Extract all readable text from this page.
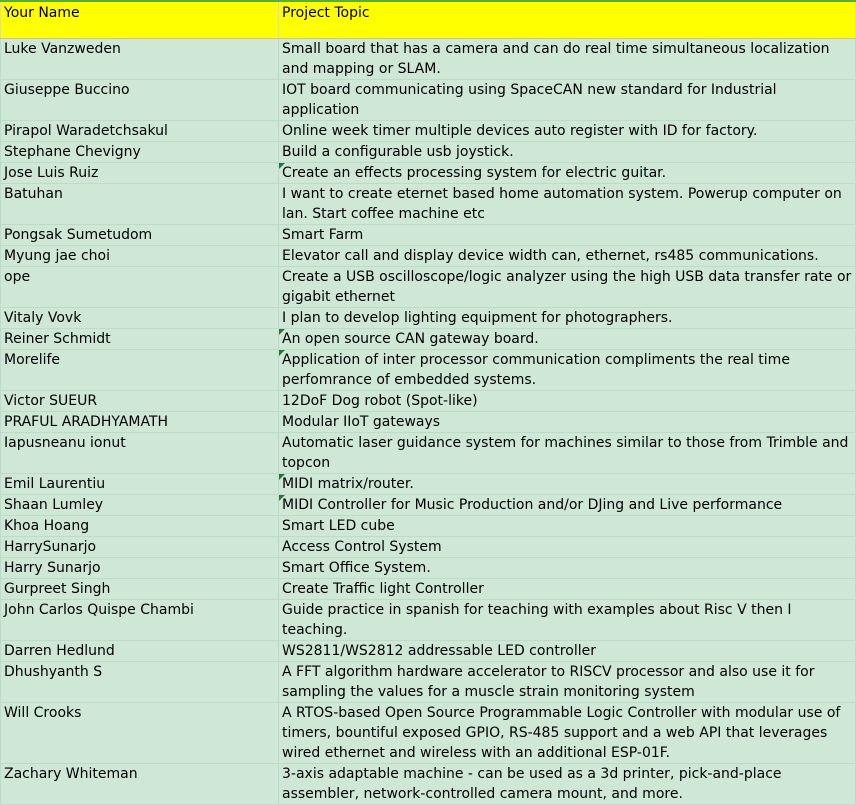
Your Name	Project Topic
Luke Vanzweden	Small board that has a camera and can do real time simultaneous localization and mapping or SLAM.
Giuseppe Buccino	IOT board communicating using SpaceCAN new standard for Industrial application
Pirapol Waradetchsakul	Online week timer multiple devices auto register with ID for factory.
Stephane Chevigny	Build a configurable usb joystick.
Jose Luis Ruiz	Create an effects processing system for electric guitar.
Batuhan	I want to create eternet based home automation system. Powerup computer on lan. Start coffee machine etc
Pongsak Sumetudom	Smart Farm
Myung jae choi	Elevator call and display device width can, ethernet, rs485 communications.
ope	Create a USB oscilloscope/logic analyzer using the high USB data transfer rate or gigabit ethernet
Vitaly Vovk	I plan to develop lighting equipment for photographers.
Reiner Schmidt	An open source CAN gateway board.
Morelife	Application of inter processor communication compliments the real time perfomrance of embedded systems.
Victor SUEUR	12DoF Dog robot (Spot-like)
PRAFUL ARADHYAMATH	Modular IIoT gateways
Iapusneanu ionut	Automatic laser guidance system for machines similar to those from Trimble and topcon
Emil Laurentiu	MIDI matrix/router.
Shaan Lumley	MIDI Controller for Music Production and/or DJing and Live performance
Khoa Hoang	Smart LED cube
HarrySunarjo	Access Control System
Harry Sunarjo	Smart Office System.
Gurpreet Singh	Create Traffic light Controller
John Carlos Quispe Chambi	Guide practice in spanish for teaching with examples about Risc V then I teaching.
Darren Hedlund	WS2811/WS2812 addressable LED controller
Dhushyanth S	A FFT algorithm hardware accelerator to RISCV processor and also use it for sampling the values for a muscle strain monitoring system
Will Crooks	A RTOS-based Open Source Programmable Logic Controller with modular use of timers, bountiful exposed GPIO, RS-485 support and a web API that leverages wired ethernet and wireless with an additional ESP-01F.
Zachary Whiteman	3-axis adaptable machine - can be used as a 3d printer, pick-and-place assembler, network-controlled camera mount, and more.
